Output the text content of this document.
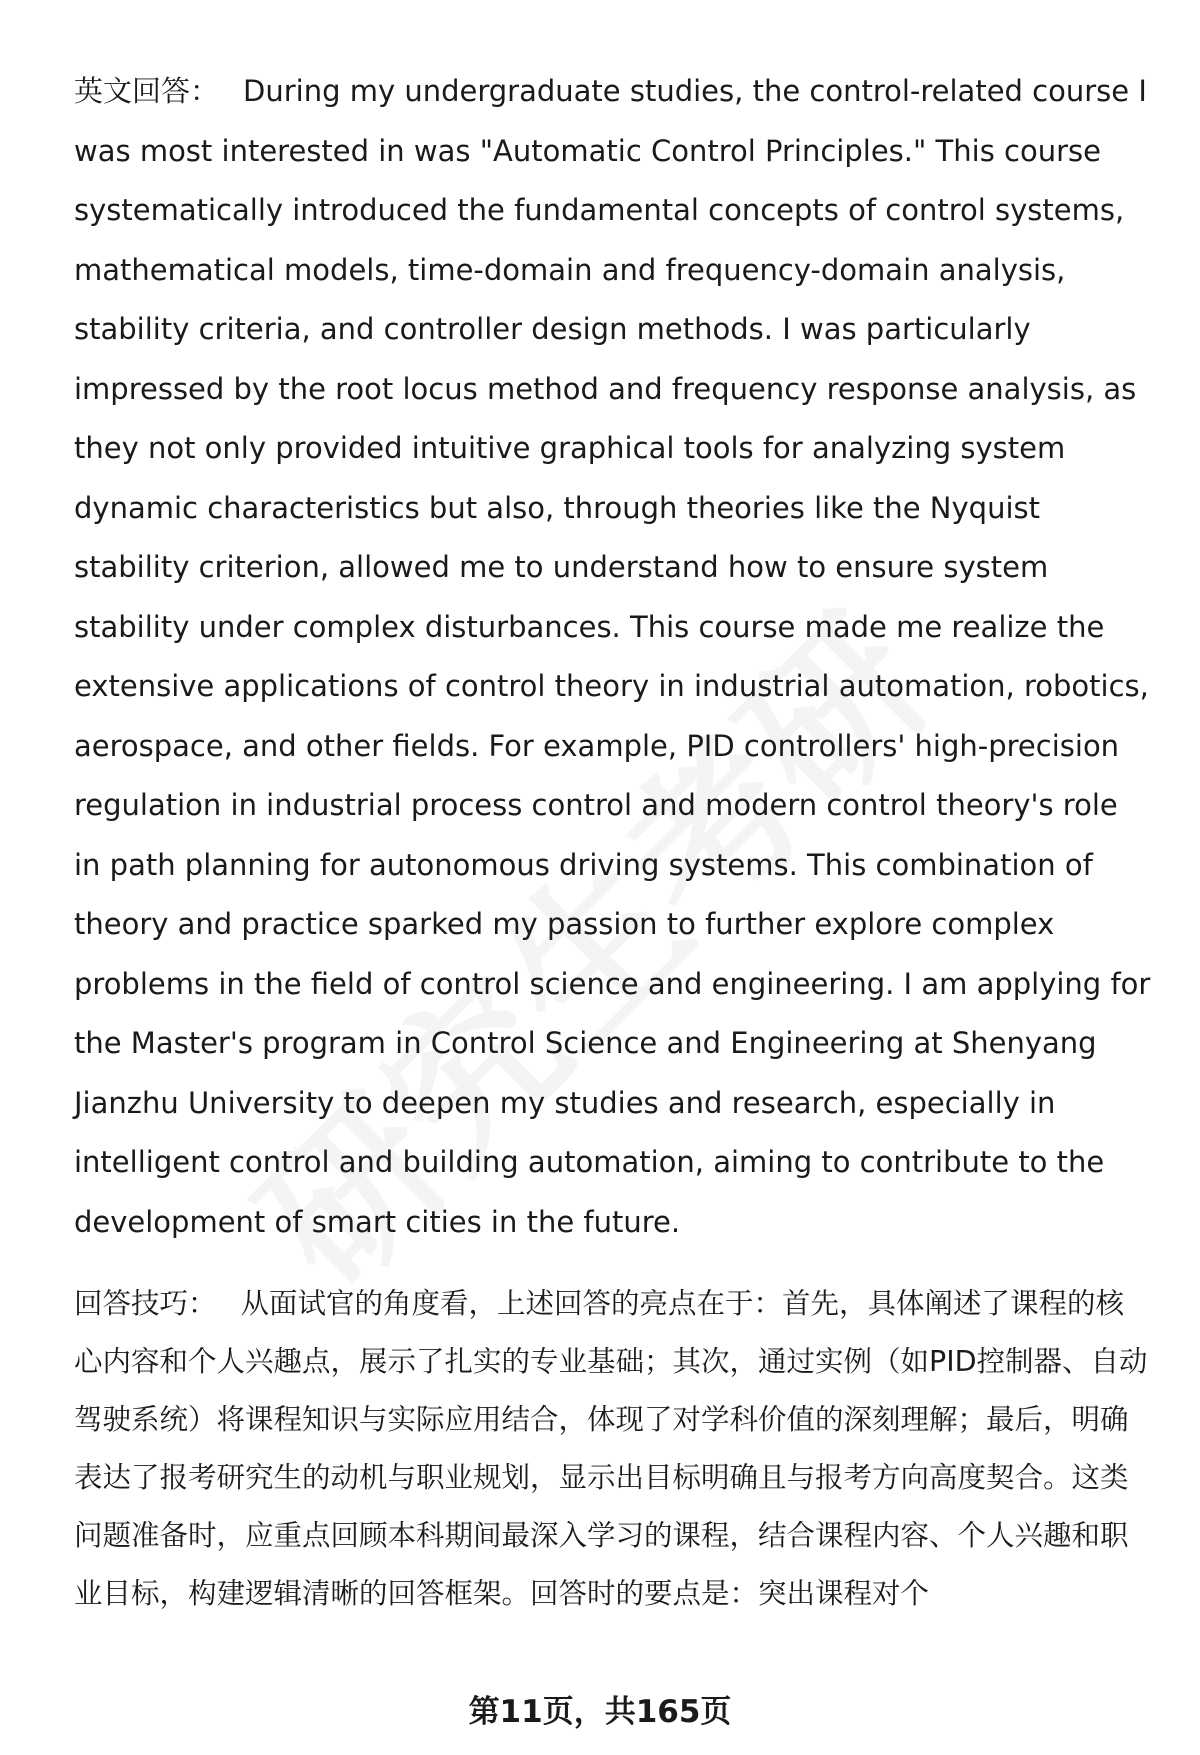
英文回答： During my undergraduate studies, the control-related course I was most interested in was "Automatic Control Principles." This course systematically introduced the fundamental concepts of control systems, mathematical models, time-domain and frequency-domain analysis, stability criteria, and controller design methods. I was particularly impressed by the root locus method and frequency response analysis, as they not only provided intuitive graphical tools for analyzing system dynamic characteristics but also, through theories like the Nyquist stability criterion, allowed me to understand how to ensure system stability under complex disturbances. This course made me realize the extensive applications of control theory in industrial automation, robotics, aerospace, and other fields. For example, PID controllers' high-precision regulation in industrial process control and modern control theory's role in path planning for autonomous driving systems. This combination of theory and practice sparked my passion to further explore complex problems in the field of control science and engineering. I am applying for the Master's program in Control Science and Engineering at Shenyang Jianzhu University to deepen my studies and research, especially in intelligent control and building automation, aiming to contribute to the development of smart cities in the future.

回答技巧： 从面试官的角度看，上述回答的亮点在于：首先，具体阐述了课程的核心内容和个人兴趣点，展示了扎实的专业基础；其次，通过实例（如PID控制器、自动驾驶系统）将课程知识与实际应用结合，体现了对学科价值的深刻理解；最后，明确表达了报考研究生的动机与职业规划，显示出目标明确且与报考方向高度契合。这类问题准备时，应重点回顾本科期间最深入学习的课程，结合课程内容、个人兴趣和职业目标，构建逻辑清晰的回答框架。回答时的要点是：突出课程对个

第11页，共165页
